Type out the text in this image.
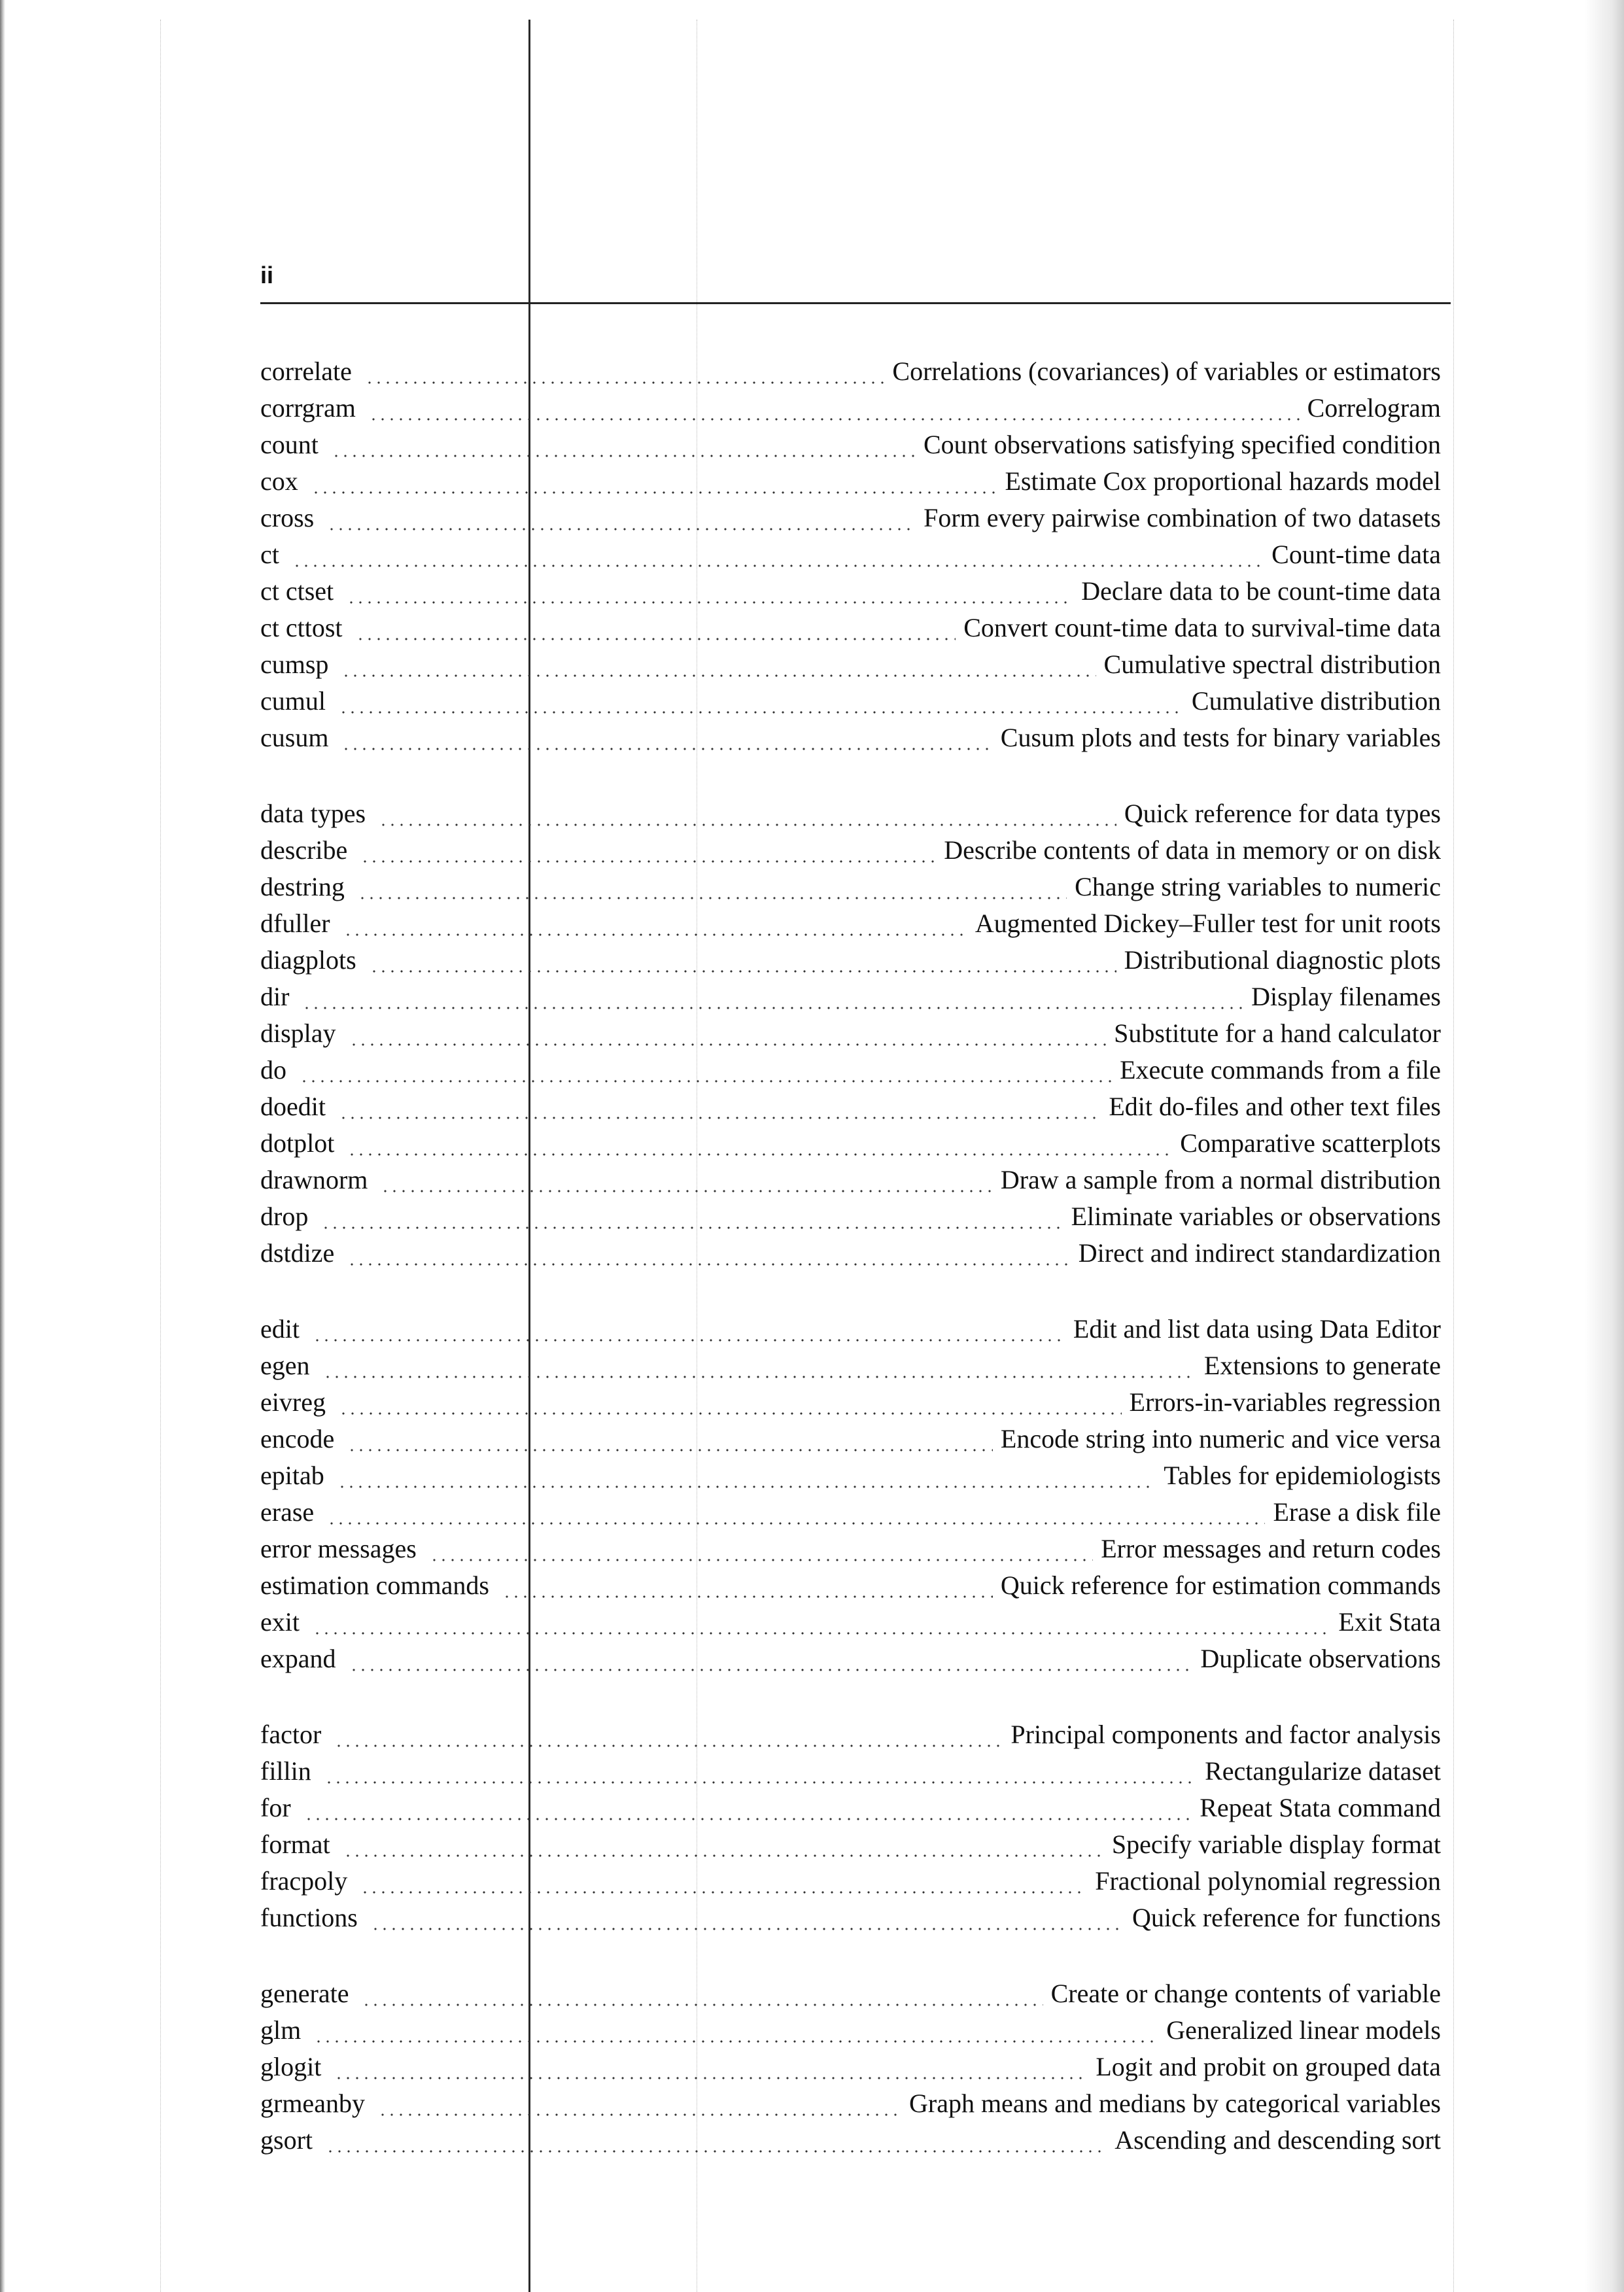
ii
correlate	Correlations (covariances) of variables or estimators
corrgram	Correlogram
count	Count observations satisfying specified condition
cox	Estimate Cox proportional hazards model
cross	Form every pairwise combination of two datasets
ct	Count-time data
ct ctset	Declare data to be count-time data
ct cttost	Convert count-time data to survival-time data
cumsp	Cumulative spectral distribution
cumul	Cumulative distribution
cusum	Cusum plots and tests for binary variables
data types	Quick reference for data types
describe	Describe contents of data in memory or on disk
destring	Change string variables to numeric
dfuller	Augmented Dickey–Fuller test for unit roots
diagplots	Distributional diagnostic plots
dir	Display filenames
display	Substitute for a hand calculator
do	Execute commands from a file
doedit	Edit do-files and other text files
dotplot	Comparative scatterplots
drawnorm	Draw a sample from a normal distribution
drop	Eliminate variables or observations
dstdize	Direct and indirect standardization
edit	Edit and list data using Data Editor
egen	Extensions to generate
eivreg	Errors-in-variables regression
encode	Encode string into numeric and vice versa
epitab	Tables for epidemiologists
erase	Erase a disk file
error messages	Error messages and return codes
estimation commands	Quick reference for estimation commands
exit	Exit Stata
expand	Duplicate observations
factor	Principal components and factor analysis
fillin	Rectangularize dataset
for	Repeat Stata command
format	Specify variable display format
fracpoly	Fractional polynomial regression
functions	Quick reference for functions
generate	Create or change contents of variable
glm	Generalized linear models
glogit	Logit and probit on grouped data
grmeanby	Graph means and medians by categorical variables
gsort	Ascending and descending sort
